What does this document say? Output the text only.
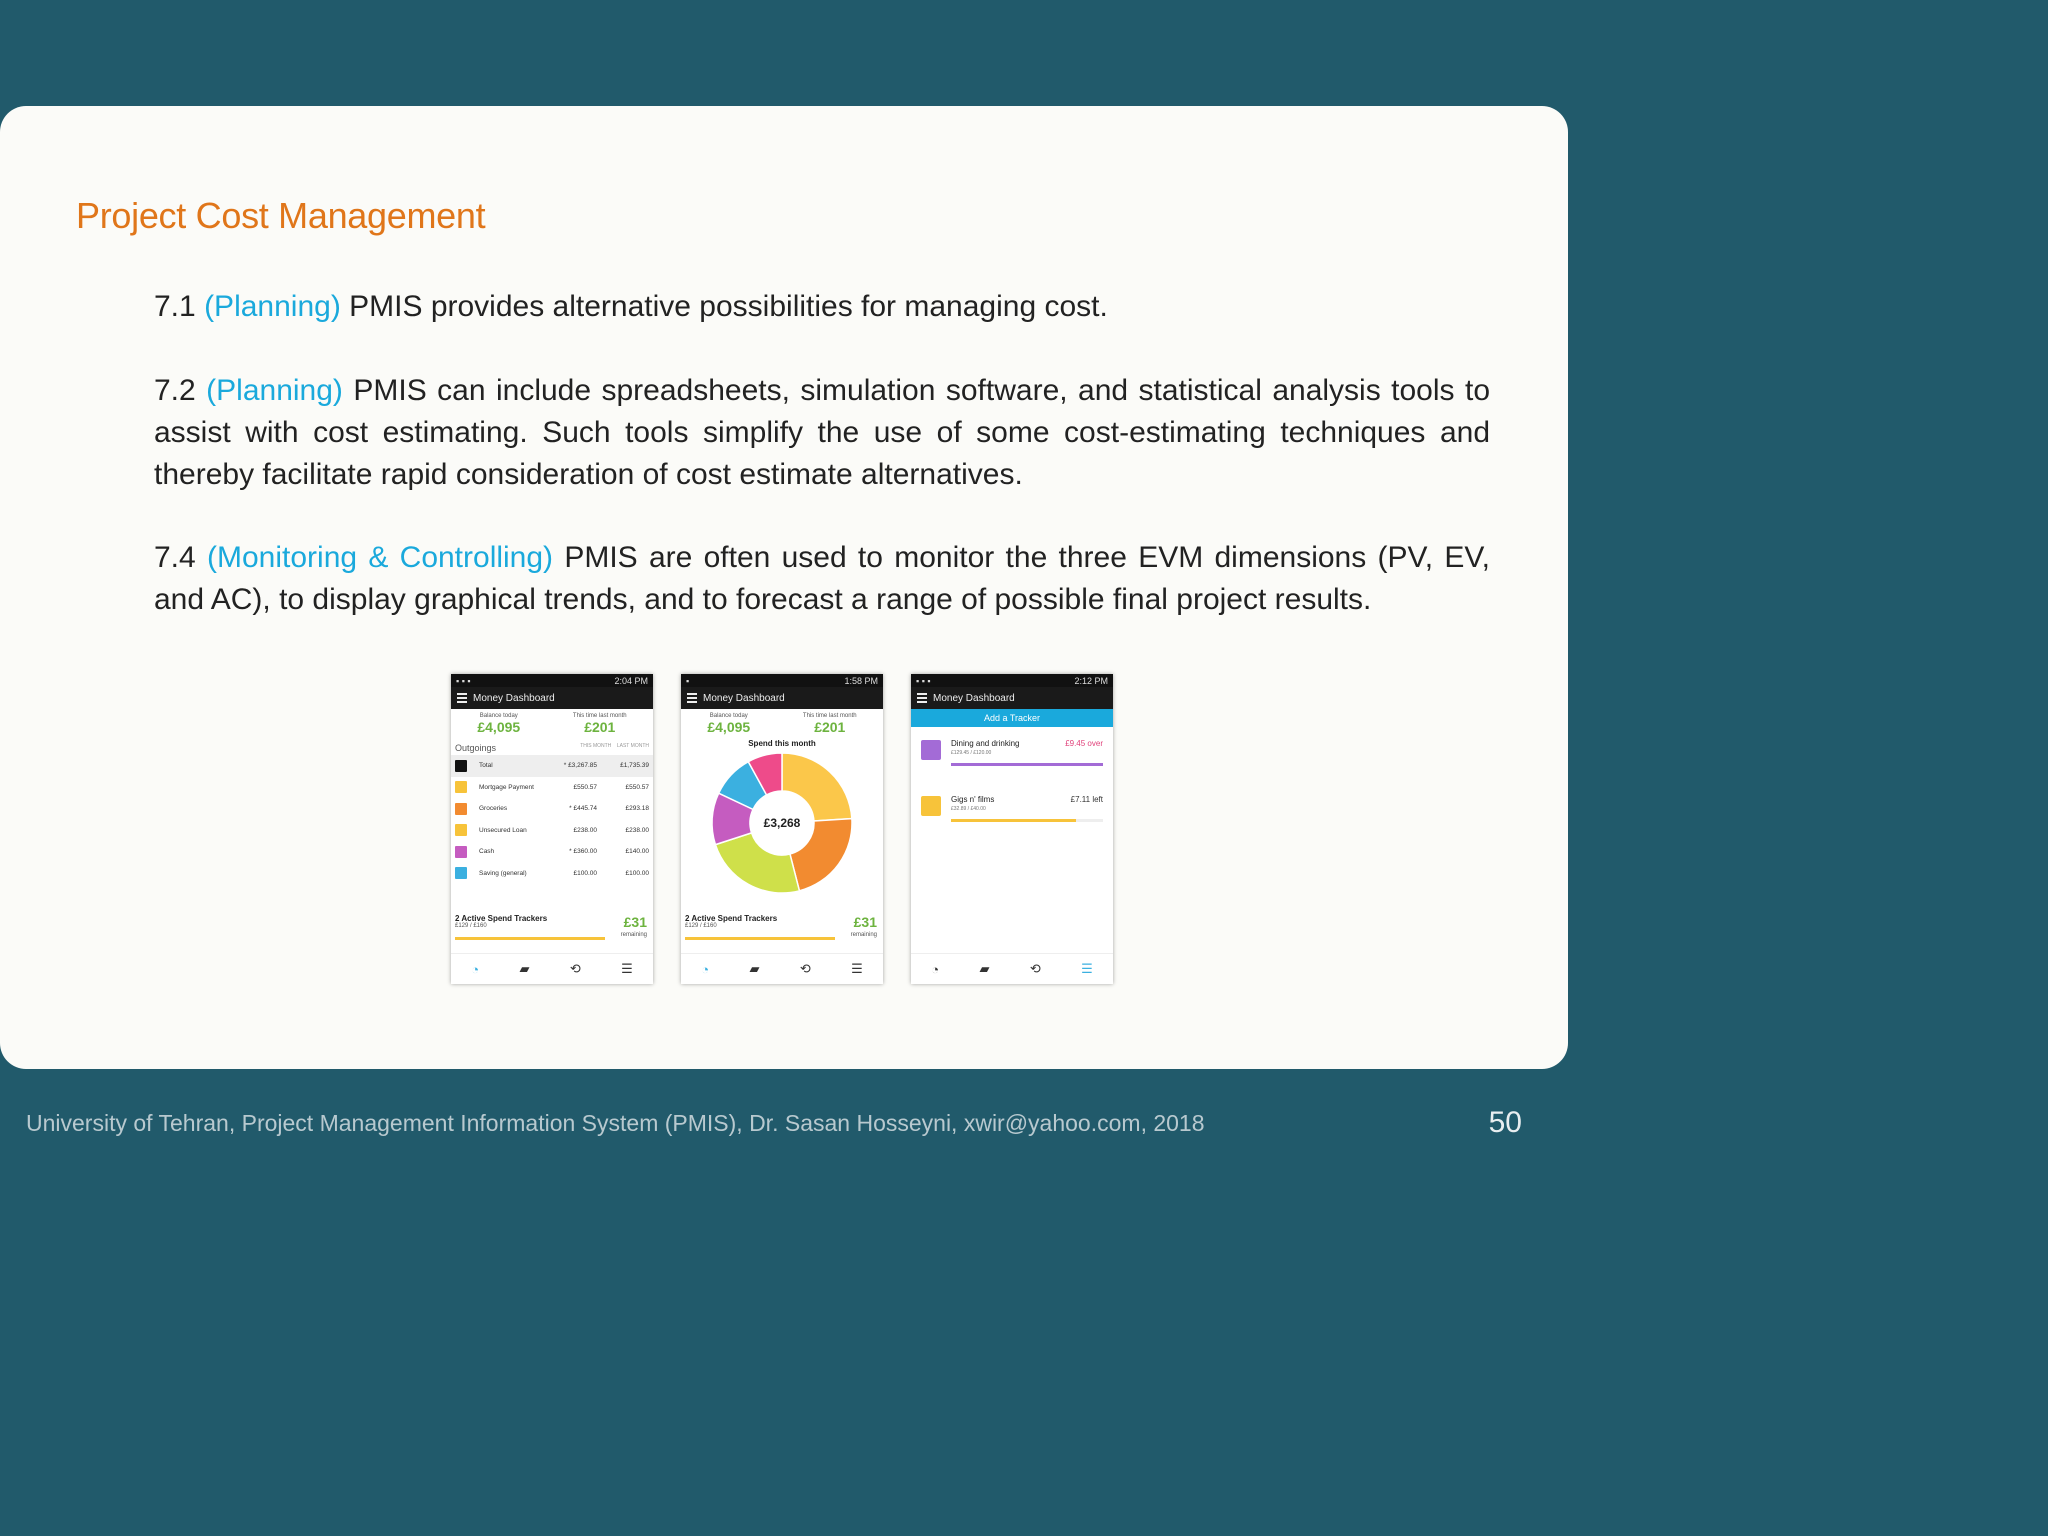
Project Cost Management
7.1 (Planning) PMIS provides alternative possibilities for managing cost.
7.2 (Planning) PMIS can include spreadsheets, simulation software, and statistical analysis tools to assist with cost estimating. Such tools simplify the use of some cost-estimating techniques and thereby facilitate rapid consideration of cost estimate alternatives.
7.4 (Monitoring & Controlling) PMIS are often used to monitor the three EVM dimensions (PV, EV, and AC), to display graphical trends, and to forecast a range of possible final project results.
▪ ▪ ▪	2:04 PM
Money Dashboard
Balance today
£4,095
This time last month
£201
Outgoings	THIS MONTH LAST MONTH
Total	* £3,267.85	£1,735.39
Mortgage Payment	£550.57	£550.57
Groceries	* £445.74	£293.18
Unsecured Loan	£238.00	£238.00
Cash	* £360.00	£140.00
Saving (general)	£100.00	£100.00
2 Active Spend Trackers
£129 / £160	£31
remaining
◔	▰	⟲	☰
▪	1:58 PM
Money Dashboard
Balance today
£4,095
This time last month
£201
Spend this month
£3,268
2 Active Spend Trackers
£129 / £160	£31
remaining
◔	▰	⟲	☰
▪ ▪ ▪	2:12 PM
Money Dashboard
Add a Tracker
Dining and drinking
£129.45 / £120.00
£9.45 over
Gigs n' films
£32.89 / £40.00
£7.11 left
◔	▰	⟲	☰
University of Tehran, Project Management Information System (PMIS), Dr. Sasan Hosseyni, xwir@yahoo.com, 2018	50
